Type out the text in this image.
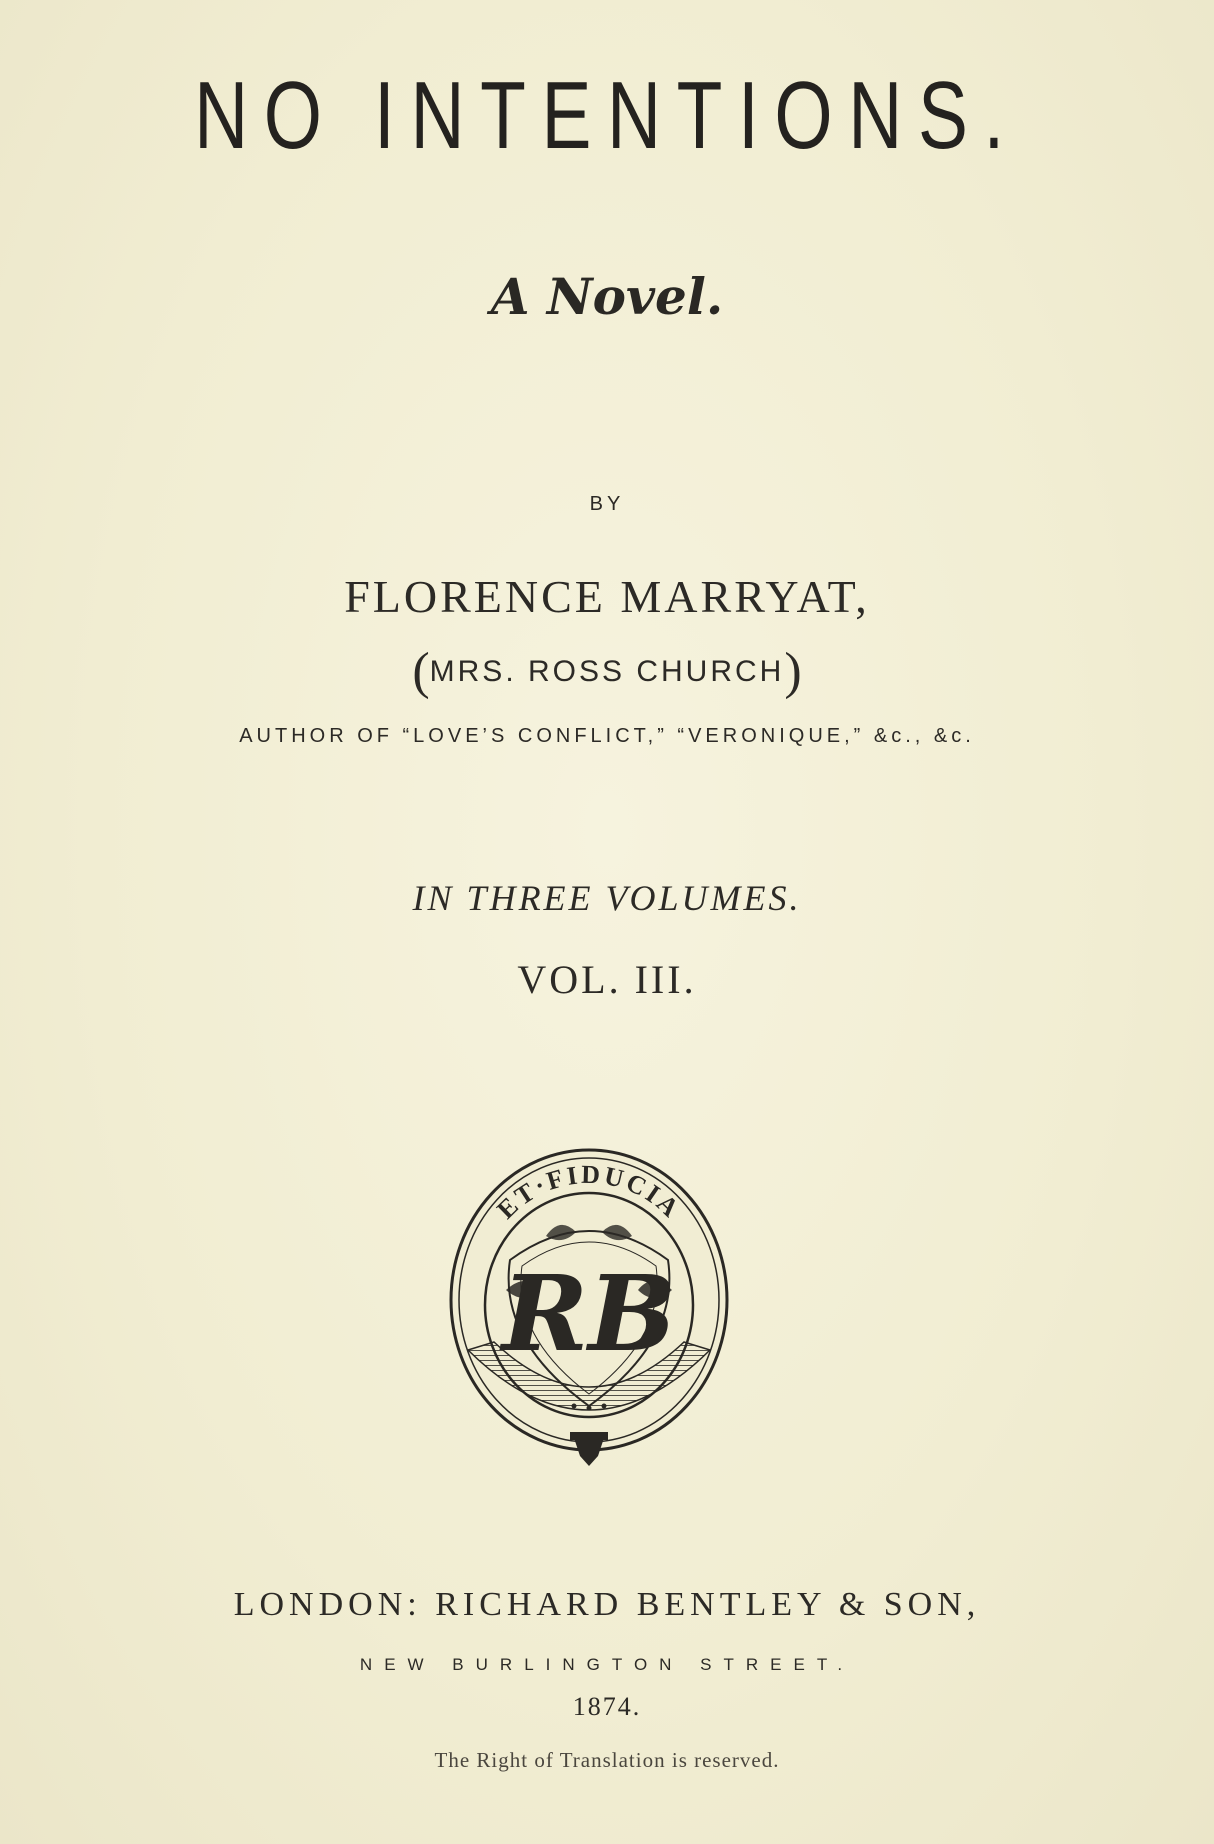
NO INTENTIONS.
A Novel.
BY
FLORENCE MARRYAT,
(MRS. ROSS CHURCH)
AUTHOR OF “LOVE’S CONFLICT,” “VERONIQUE,” &c., &c.
IN THREE VOLUMES.
VOL. III.
ET·FIDUCIA
RB
LONDON: RICHARD BENTLEY & SON,
NEW BURLINGTON STREET.
1874.
The Right of Translation is reserved.
